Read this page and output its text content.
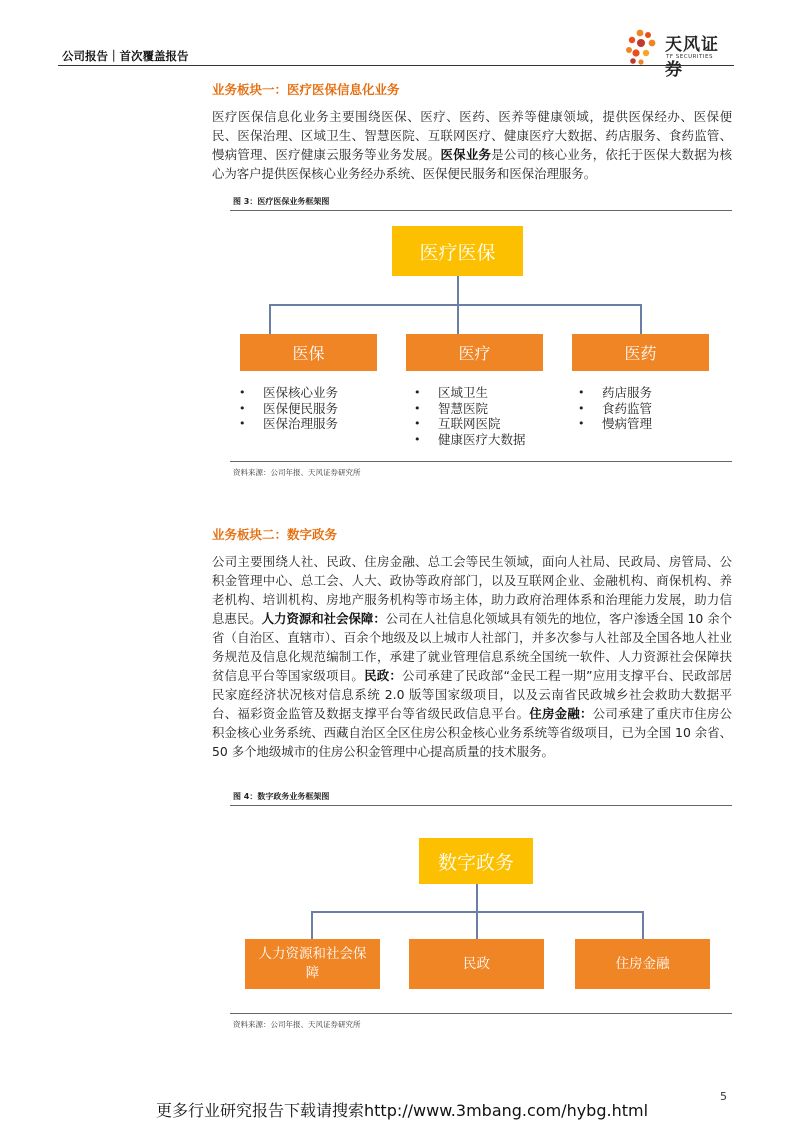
公司报告｜首次覆盖报告
天风证券
TF SECURITIES
业务板块一：医疗医保信息化业务
医疗医保信息化业务主要围绕医保、医疗、医药、医养等健康领域，提供医保经办、医保便民、医保治理、区域卫生、智慧医院、互联网医疗、健康医疗大数据、药店服务、食药监管、慢病管理、医疗健康云服务等业务发展。医保业务是公司的核心业务，依托于医保大数据为核心为客户提供医保核心业务经办系统、医保便民服务和医保治理服务。
图 3：医疗医保业务框架图
医疗医保
医保	医疗	医药
• 医保核心业务
• 医保便民服务
• 医保治理服务
• 区域卫生
• 智慧医院
• 互联网医院
• 健康医疗大数据
• 药店服务
• 食药监管
• 慢病管理
资料来源：公司年报、天风证券研究所
业务板块二：数字政务
公司主要围绕人社、民政、住房金融、总工会等民生领域，面向人社局、民政局、房管局、公积金管理中心、总工会、人大、政协等政府部门，以及互联网企业、金融机构、商保机构、养老机构、培训机构、房地产服务机构等市场主体，助力政府治理体系和治理能力发展，助力信息惠民。人力资源和社会保障：公司在人社信息化领域具有领先的地位，客户渗透全国 10 余个省（自治区、直辖市）、百余个地级及以上城市人社部门，并多次参与人社部及全国各地人社业务规范及信息化规范编制工作，承建了就业管理信息系统全国统一软件、人力资源社会保障扶贫信息平台等国家级项目。民政：公司承建了民政部“金民工程一期”应用支撑平台、民政部居民家庭经济状况核对信息系统 2.0 版等国家级项目，以及云南省民政城乡社会救助大数据平台、福彩资金监管及数据支撑平台等省级民政信息平台。住房金融：公司承建了重庆市住房公积金核心业务系统、西藏自治区全区住房公积金核心业务系统等省级项目，已为全国 10 余省、50 多个地级城市的住房公积金管理中心提高质量的技术服务。
图 4：数字政务业务框架图
数字政务
人力资源和社会保障
民政	住房金融
资料来源：公司年报、天风证券研究所
5
更多行业研究报告下载请搜索http://www.3mbang.com/hybg.html
